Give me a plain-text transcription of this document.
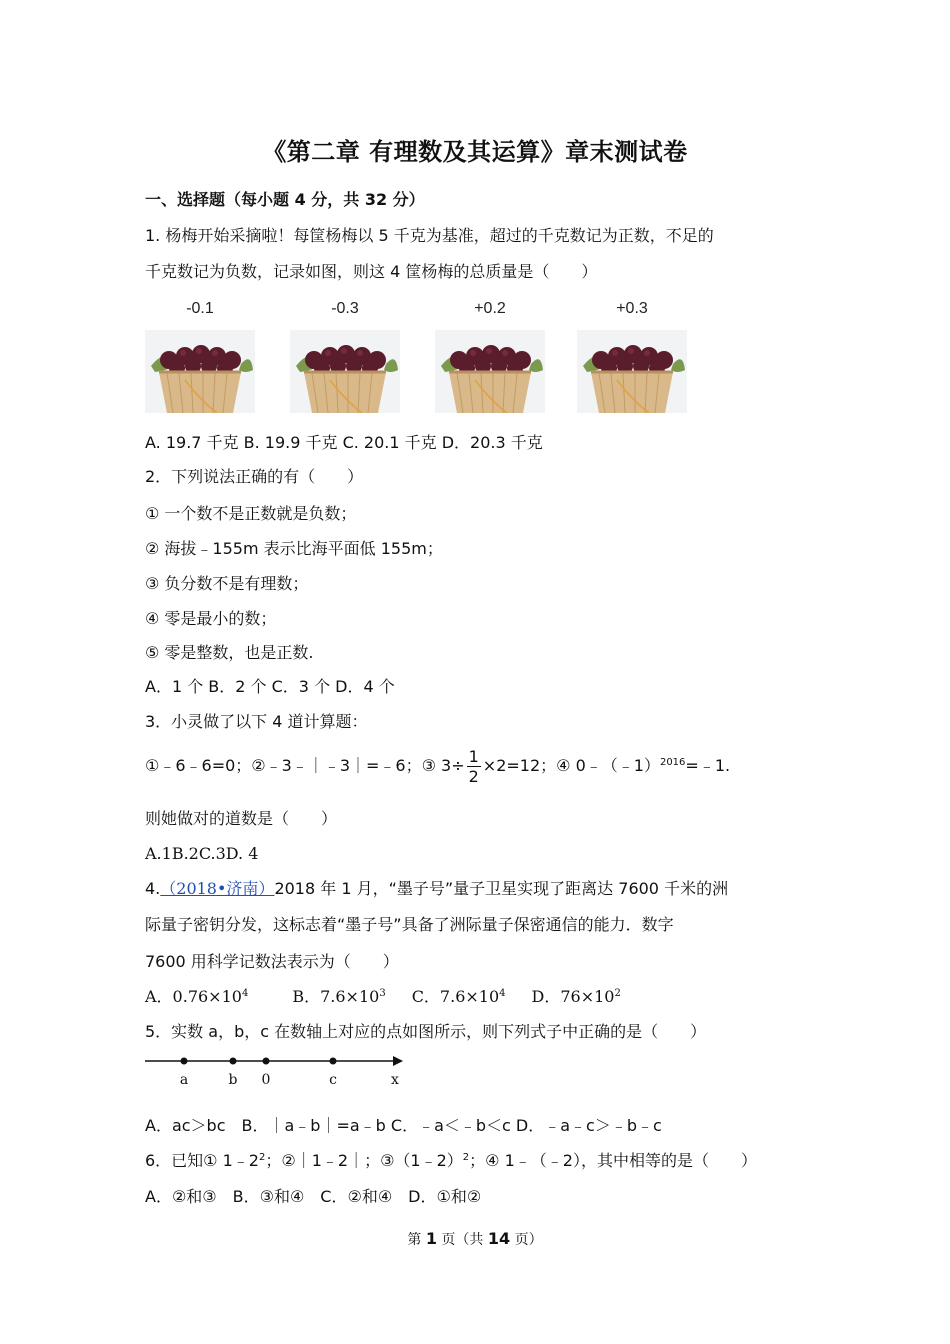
《第二章 有理数及其运算》章末测试卷
一、选择题（每小题 4 分，共 32 分）
1. 杨梅开始采摘啦！每筐杨梅以 5 千克为基准，超过的千克数记为正数，不足的
千克数记为负数，记录如图，则这 4 筐杨梅的总质量是（　　）
-0.1	-0.3	+0.2	+0.3
A. 19.7 千克 B. 19.9 千克 C. 20.1 千克 D．20.3 千克
2．下列说法正确的有（　　）
① 一个数不是正数就是负数；
② 海拔﹣155m 表示比海平面低 155m；
③ 负分数不是有理数；
④ 零是最小的数；
⑤ 零是整数，也是正数.
A．1 个 B．2 个 C．3 个 D．4 个
3．小灵做了以下 4 道计算题：
①﹣6﹣6=0；②﹣3﹣｜﹣3｜=﹣6；③ $3\div \frac{1}{2} \times 2=12$；④ 0﹣（﹣1）$^{2016}$=﹣1.
则她做对的道数是（　　）
A.1B.2C.3D. 4
4.（2018•济南）2018 年 1 月，“墨子号”量子卫星实现了距离达 7600 千米的洲
际量子密钥分发，这标志着“墨子号”具备了洲际量子保密通信的能力．数字
7600 用科学记数法表示为（　　）
A．$0.76\times 10^4$	B．$7.6\times 10^3$ C．$7.6\times 10^4$ D．$76\times 10^2$
5．实数 a，b，c 在数轴上对应的点如图所示，则下列式子中正确的是（　　）
a	b 0	c	x
A．ac＞bc　B．｜a﹣b｜=a﹣b C．﹣a＜﹣b＜c D．﹣a﹣c＞﹣b﹣c
6．已知① $1﹣2^2$；②｜1﹣2｜；③（1﹣2）$^2$；④ 1﹣（﹣2），其中相等的是（　　）
A．②和③　B．③和④　C．②和④　D．①和②
第 1 页（共 14 页）
